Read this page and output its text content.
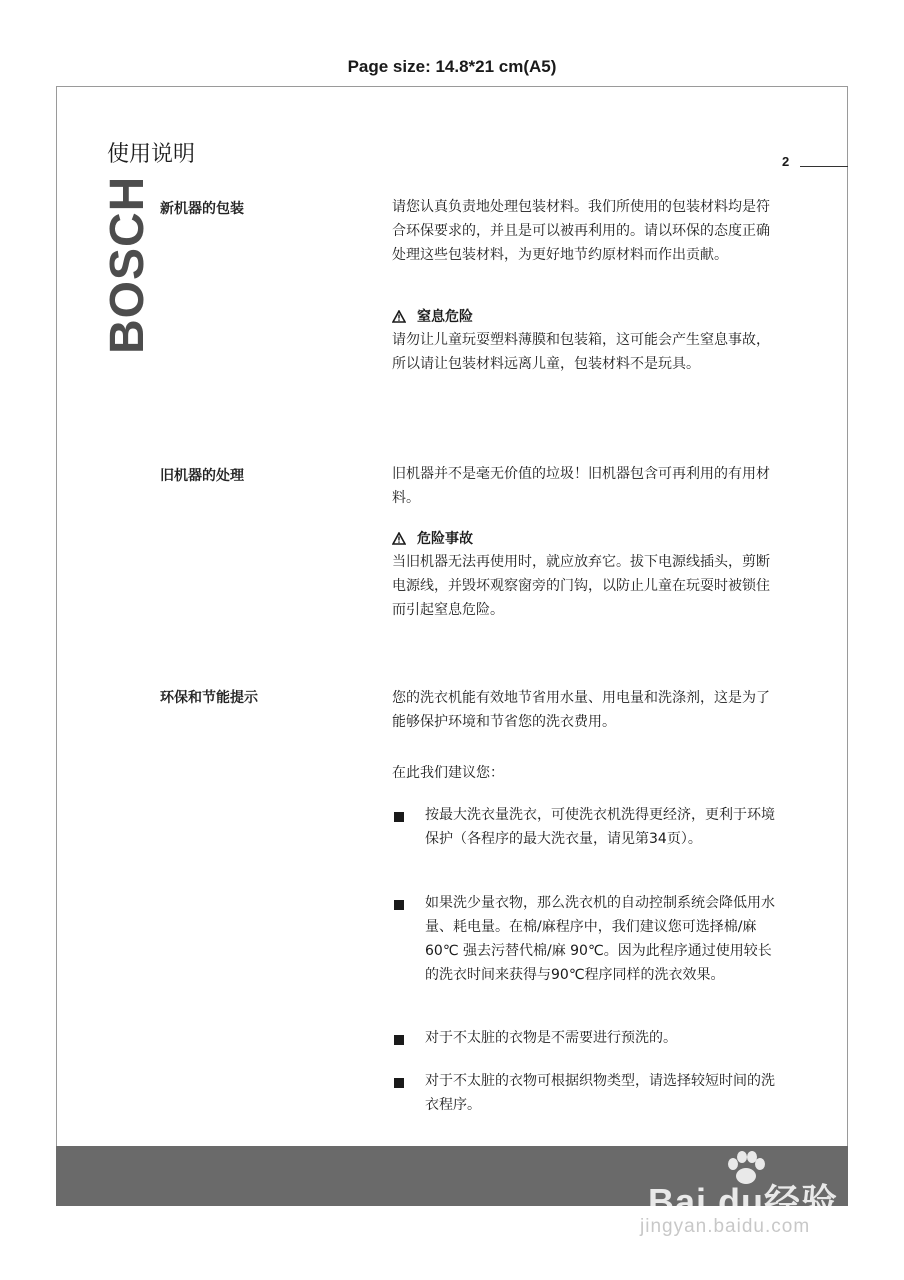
Page size: 14.8*21 cm(A5)
使用说明	2
BOSCH 新机器的包装	请您认真负责地处理包装材料。我们所使用的包装材料均是符合环保要求的，并且是可以被再利用的。请以环保的态度正确处理这些包装材料，为更好地节约原材料而作出贡献。

窒息危险

请勿让儿童玩耍塑料薄膜和包装箱，这可能会产生窒息事故，所以请让包装材料远离儿童，包装材料不是玩具。

旧机器的处理	旧机器并不是毫无价值的垃圾！旧机器包含可再利用的有用材料。

危险事故

当旧机器无法再使用时，就应放弃它。拔下电源线插头，剪断电源线，并毁坏观察窗旁的门钩，以防止儿童在玩耍时被锁住而引起窒息危险。

环保和节能提示	您的洗衣机能有效地节省用水量、用电量和洗涤剂，这是为了能够保护环境和节省您的洗衣费用。

在此我们建议您：

按最大洗衣量洗衣，可使洗衣机洗得更经济，更利于环境保护（各程序的最大洗衣量，请见第34页）。

如果洗少量衣物，那么洗衣机的自动控制系统会降低用水量、耗电量。在棉/麻程序中，我们建议您可选择棉/麻 60℃ 强去污替代棉/麻 90℃。因为此程序通过使用较长的洗衣时间来获得与90℃程序同样的洗衣效果。

对于不太脏的衣物是不需要进行预洗的。

对于不太脏的衣物可根据织物类型，请选择较短时间的洗衣程序。

Bai du经验
jingyan.baidu.com
